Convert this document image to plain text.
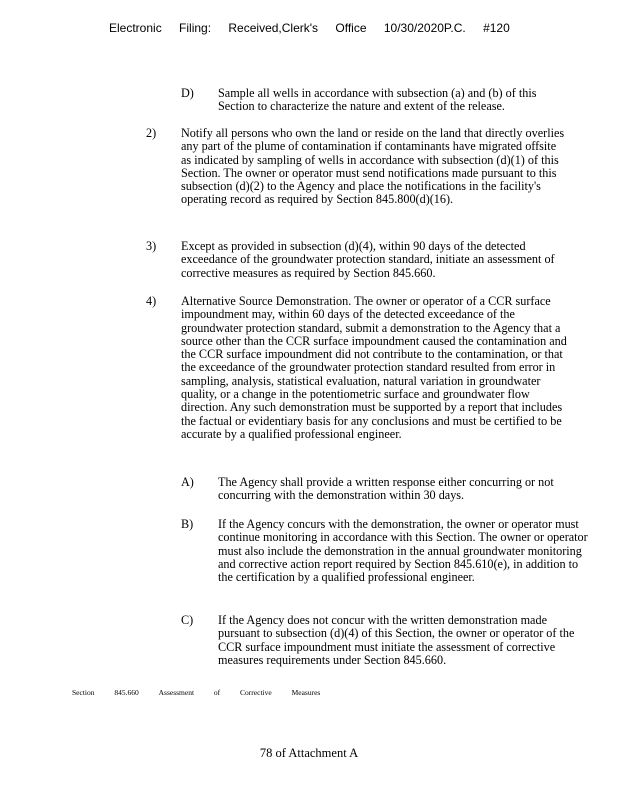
Electronic Filing: Received,Clerk's Office 10/30/2020P.C. #120
D) Sample all wells in accordance with subsection (a) and (b) of this Section to characterize the nature and extent of the release.
2) Notify all persons who own the land or reside on the land that directly overlies any part of the plume of contamination if contaminants have migrated offsite as indicated by sampling of wells in accordance with subsection (d)(1) of this Section. The owner or operator must send notifications made pursuant to this subsection (d)(2) to the Agency and place the notifications in the facility's operating record as required by Section 845.800(d)(16).
3) Except as provided in subsection (d)(4), within 90 days of the detected exceedance of the groundwater protection standard, initiate an assessment of corrective measures as required by Section 845.660.
4) Alternative Source Demonstration. The owner or operator of a CCR surface impoundment may, within 60 days of the detected exceedance of the groundwater protection standard, submit a demonstration to the Agency that a source other than the CCR surface impoundment caused the contamination and the CCR surface impoundment did not contribute to the contamination, or that the exceedance of the groundwater protection standard resulted from error in sampling, analysis, statistical evaluation, natural variation in groundwater quality, or a change in the potentiometric surface and groundwater flow direction. Any such demonstration must be supported by a report that includes the factual or evidentiary basis for any conclusions and must be certified to be accurate by a qualified professional engineer.
A) The Agency shall provide a written response either concurring or not concurring with the demonstration within 30 days.
B) If the Agency concurs with the demonstration, the owner or operator must continue monitoring in accordance with this Section. The owner or operator must also include the demonstration in the annual groundwater monitoring and corrective action report required by Section 845.610(e), in addition to the certification by a qualified professional engineer.
C) If the Agency does not concur with the written demonstration made pursuant to subsection (d)(4) of this Section, the owner or operator of the CCR surface impoundment must initiate the assessment of corrective measures requirements under Section 845.660.
Section	845.660	Assessment	of	Corrective	Measures
78 of Attachment A
